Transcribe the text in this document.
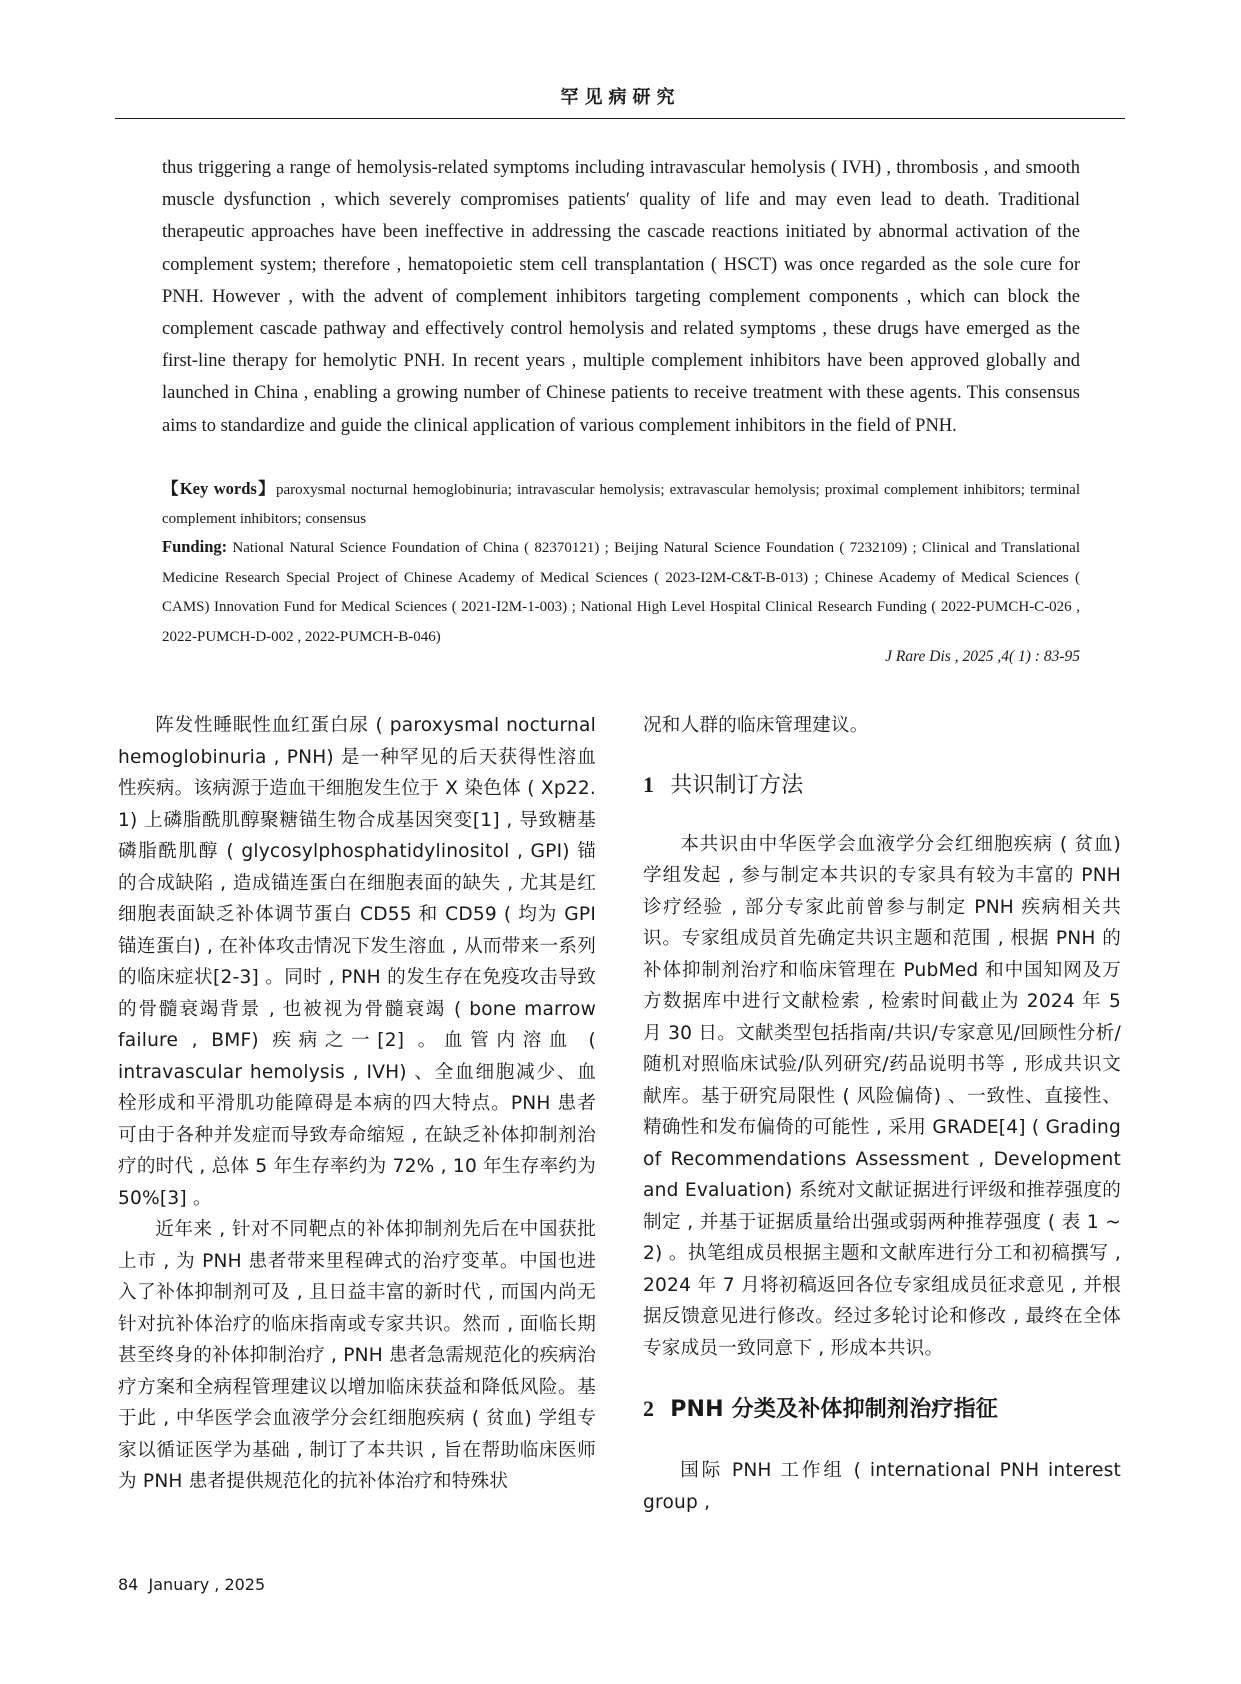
罕见病研究

thus triggering a range of hemolysis-related symptoms including intravascular hemolysis ( IVH) , thrombosis , and smooth muscle dysfunction , which severely compromises patients′ quality of life and may even lead to death. Traditional therapeutic approaches have been ineffective in addressing the cascade reactions initiated by abnormal activation of the complement system; therefore , hematopoietic stem cell transplantation ( HSCT) was once regarded as the sole cure for PNH. However , with the advent of complement inhibitors targeting complement components , which can block the complement cascade pathway and effectively control hemolysis and related symptoms , these drugs have emerged as the first-line therapy for hemolytic PNH. In recent years , multiple complement inhibitors have been approved globally and launched in China , enabling a growing number of Chinese patients to receive treatment with these agents. This consensus aims to standardize and guide the clinical application of various complement inhibitors in the field of PNH.

【Key words】paroxysmal nocturnal hemoglobinuria; intravascular hemolysis; extravascular hemolysis; proximal complement inhibitors; terminal complement inhibitors; consensus

Funding: National Natural Science Foundation of China ( 82370121) ; Beijing Natural Science Foundation ( 7232109) ; Clinical and Translational Medicine Research Special Project of Chinese Academy of Medical Sciences ( 2023-I2M-C&T-B-013) ; Chinese Academy of Medical Sciences ( CAMS) Innovation Fund for Medical Sciences ( 2021-I2M-1-003) ; National High Level Hospital Clinical Research Funding ( 2022-PUMCH-C-026 , 2022-PUMCH-D-002 , 2022-PUMCH-B-046)

J Rare Dis , 2025 ,4( 1) : 83-95

阵发性睡眠性血红蛋白尿 ( paroxysmal nocturnal hemoglobinuria , PNH) 是一种罕见的后天获得性溶血性疾病。该病源于造血干细胞发生位于 X 染色体 ( Xp22. 1) 上磷脂酰肌醇聚糖锚生物合成基因突变[1] , 导致糖基磷脂酰肌醇 ( glycosylphosphatidylinositol , GPI) 锚的合成缺陷 , 造成锚连蛋白在细胞表面的缺失 , 尤其是红细胞表面缺乏补体调节蛋白 CD55 和 CD59 ( 均为 GPI 锚连蛋白) , 在补体攻击情况下发生溶血 , 从而带来一系列的临床症状[2-3] 。同时 , PNH 的发生存在免疫攻击导致的骨髓衰竭背景 , 也被视为骨髓衰竭 ( bone marrow failure , BMF) 疾病之一[2] 。血管内溶血 ( intravascular hemolysis , IVH) 、全血细胞减少、血栓形成和平滑肌功能障碍是本病的四大特点。PNH 患者可由于各种并发症而导致寿命缩短 , 在缺乏补体抑制剂治疗的时代 , 总体 5 年生存率约为 72% , 10 年生存率约为 50%[3] 。

近年来 , 针对不同靶点的补体抑制剂先后在中国获批上市 , 为 PNH 患者带来里程碑式的治疗变革。中国也进入了补体抑制剂可及 , 且日益丰富的新时代 , 而国内尚无针对抗补体治疗的临床指南或专家共识。然而 , 面临长期甚至终身的补体抑制治疗 , PNH 患者急需规范化的疾病治疗方案和全病程管理建议以增加临床获益和降低风险。基于此 , 中华医学会血液学分会红细胞疾病 ( 贫血) 学组专家以循证医学为基础 , 制订了本共识 , 旨在帮助临床医师为 PNH 患者提供规范化的抗补体治疗和特殊状

况和人群的临床管理建议。

1 共识制订方法

本共识由中华医学会血液学分会红细胞疾病 ( 贫血) 学组发起 , 参与制定本共识的专家具有较为丰富的 PNH 诊疗经验 , 部分专家此前曾参与制定 PNH 疾病相关共识。专家组成员首先确定共识主题和范围 , 根据 PNH 的补体抑制剂治疗和临床管理在 PubMed 和中国知网及万方数据库中进行文献检索 , 检索时间截止为 2024 年 5 月 30 日。文献类型包括指南/共识/专家意见/回顾性分析/随机对照临床试验/队列研究/药品说明书等 , 形成共识文献库。基于研究局限性 ( 风险偏倚) 、一致性、直接性、精确性和发布偏倚的可能性 , 采用 GRADE[4] ( Grading of Recommendations Assessment , Development and Evaluation) 系统对文献证据进行评级和推荐强度的制定 , 并基于证据质量给出强或弱两种推荐强度 ( 表 1 ~ 2) 。执笔组成员根据主题和文献库进行分工和初稿撰写 , 2024 年 7 月将初稿返回各位专家组成员征求意见 , 并根据反馈意见进行修改。经过多轮讨论和修改 , 最终在全体专家成员一致同意下 , 形成本共识。

2 PNH 分类及补体抑制剂治疗指征

国际 PNH 工作组 ( international PNH interest group ,

84 January , 2025
